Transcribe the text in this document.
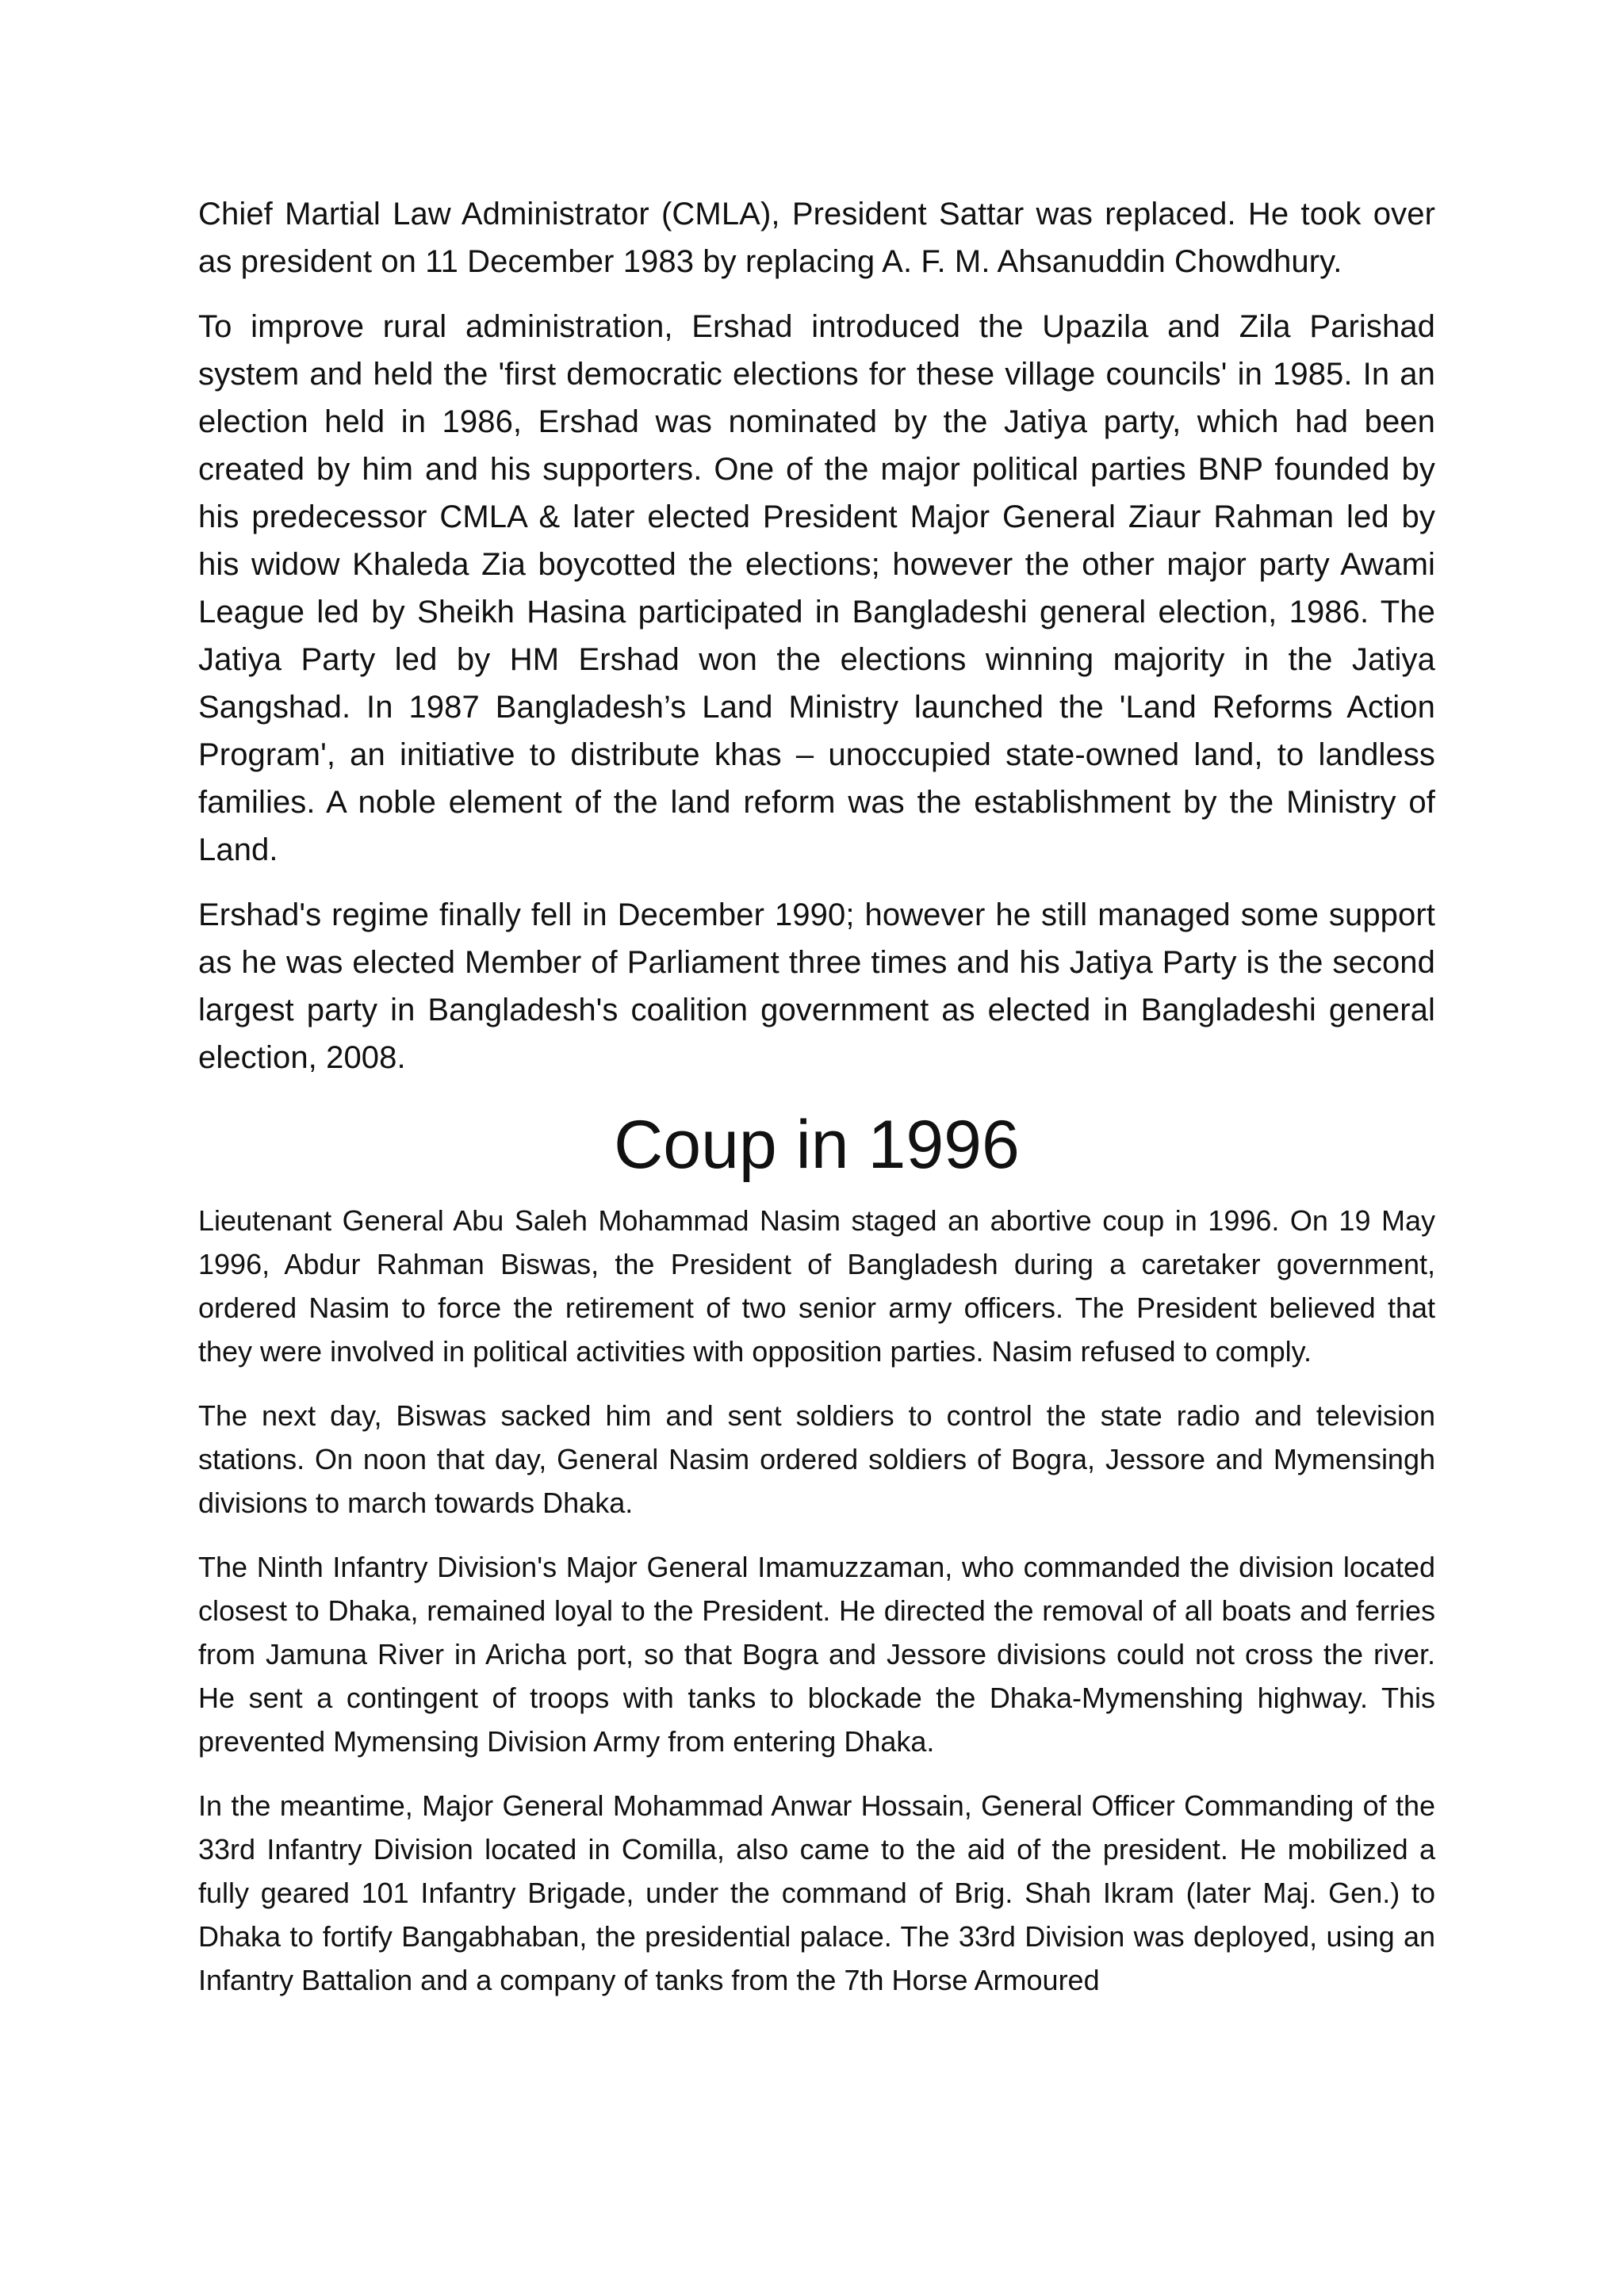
Chief Martial Law Administrator (CMLA), President Sattar was replaced. He took over as president on 11 December 1983 by replacing A. F. M. Ahsanuddin Chowdhury.

To improve rural administration, Ershad introduced the Upazila and Zila Parishad system and held the 'first democratic elections for these village councils' in 1985. In an election held in 1986, Ershad was nominated by the Jatiya party, which had been created by him and his supporters. One of the major political parties BNP founded by his predecessor CMLA & later elected President Major General Ziaur Rahman led by his widow Khaleda Zia boycotted the elections; however the other major party Awami League led by Sheikh Hasina participated in Bangladeshi general election, 1986. The Jatiya Party led by HM Ershad won the elections winning majority in the Jatiya Sangshad. In 1987 Bangladesh’s Land Ministry launched the 'Land Reforms Action Program', an initiative to distribute khas – unoccupied state-owned land, to landless families. A noble element of the land reform was the establishment by the Ministry of Land.

Ershad's regime finally fell in December 1990; however he still managed some support as he was elected Member of Parliament three times and his Jatiya Party is the second largest party in Bangladesh's coalition government as elected in Bangladeshi general election, 2008.

Coup in 1996

Lieutenant General Abu Saleh Mohammad Nasim staged an abortive coup in 1996. On 19 May 1996, Abdur Rahman Biswas, the President of Bangladesh during a caretaker government, ordered Nasim to force the retirement of two senior army officers. The President believed that they were involved in political activities with opposition parties. Nasim refused to comply.

The next day, Biswas sacked him and sent soldiers to control the state radio and television stations. On noon that day, General Nasim ordered soldiers of Bogra, Jessore and Mymensingh divisions to march towards Dhaka.

The Ninth Infantry Division's Major General Imamuzzaman, who commanded the division located closest to Dhaka, remained loyal to the President. He directed the removal of all boats and ferries from Jamuna River in Aricha port, so that Bogra and Jessore divisions could not cross the river. He sent a contingent of troops with tanks to blockade the Dhaka-Mymenshing highway. This prevented Mymensing Division Army from entering Dhaka.

In the meantime, Major General Mohammad Anwar Hossain, General Officer Commanding of the 33rd Infantry Division located in Comilla, also came to the aid of the president. He mobilized a fully geared 101 Infantry Brigade, under the command of Brig. Shah Ikram (later Maj. Gen.) to Dhaka to fortify Bangabhaban, the presidential palace. The 33rd Division was deployed, using an Infantry Battalion and a company of tanks from the 7th Horse Armoured
